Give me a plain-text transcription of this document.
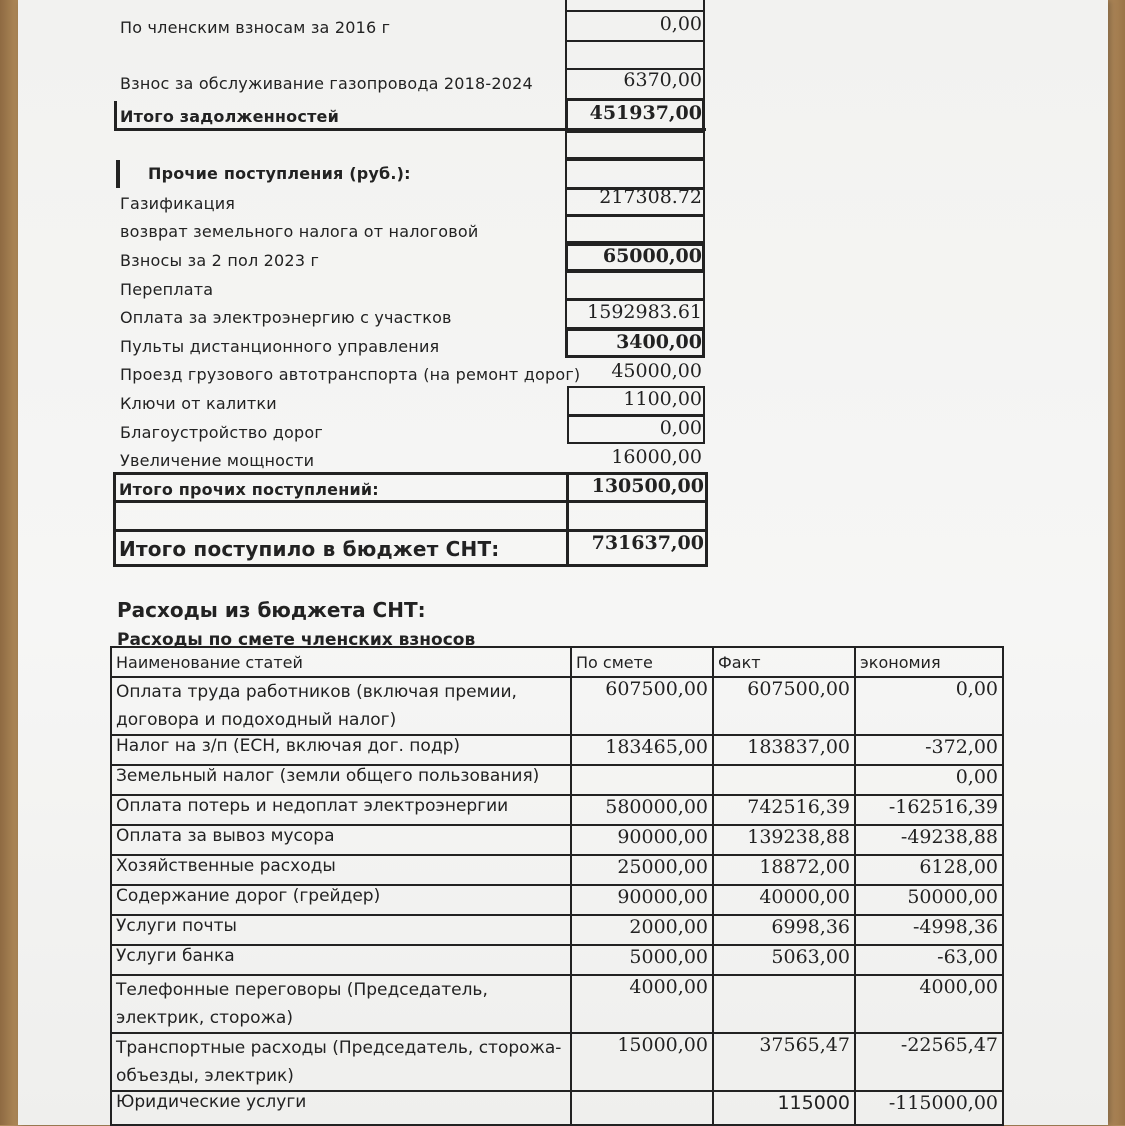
По членским взносам за 2016 г	0,00
Взнос за обслуживание газопровода 2018-2024	6370,00
Итого задолженностей	451937,00
Прочие поступления (руб.):
Газификация	217308.72
возврат земельного налога от налоговой
Взносы за 2 пол 2023 г	65000,00
Переплата
Оплата за электроэнергию с участков	1592983.61
Пульты дистанционного управления	3400,00
Проезд грузового автотранспорта (на ремонт дорог)	45000,00
Ключи от калитки	1100,00
Благоустройство дорог	0,00
Увеличение мощности	16000,00
Итого прочих поступлений:	130500,00
Итого поступило в бюджет СНТ:	731637,00
Расходы из бюджета СНТ:
Расходы по смете членских взносов
Наименование статей	По смете	Факт	экономия
Оплата труда работников (включая премии, договора и подоходный налог)	607500,00	607500,00	0,00
Налог на з/п (ЕСН, включая дог. подр)	183465,00	183837,00	-372,00
Земельный налог (земли общего пользования)			0,00
Оплата потерь и недоплат электроэнергии	580000,00	742516,39	-162516,39
Оплата за вывоз мусора	90000,00	139238,88	-49238,88
Хозяйственные расходы	25000,00	18872,00	6128,00
Содержание дорог (грейдер)	90000,00	40000,00	50000,00
Услуги почты	2000,00	6998,36	-4998,36
Услуги банка	5000,00	5063,00	-63,00
Телефонные переговоры (Председатель, электрик, сторожа)	4000,00		4000,00
Транспортные расходы (Председатель, сторожа-объезды, электрик)	15000,00	37565,47	-22565,47
Юридические услуги		115000	-115000,00
